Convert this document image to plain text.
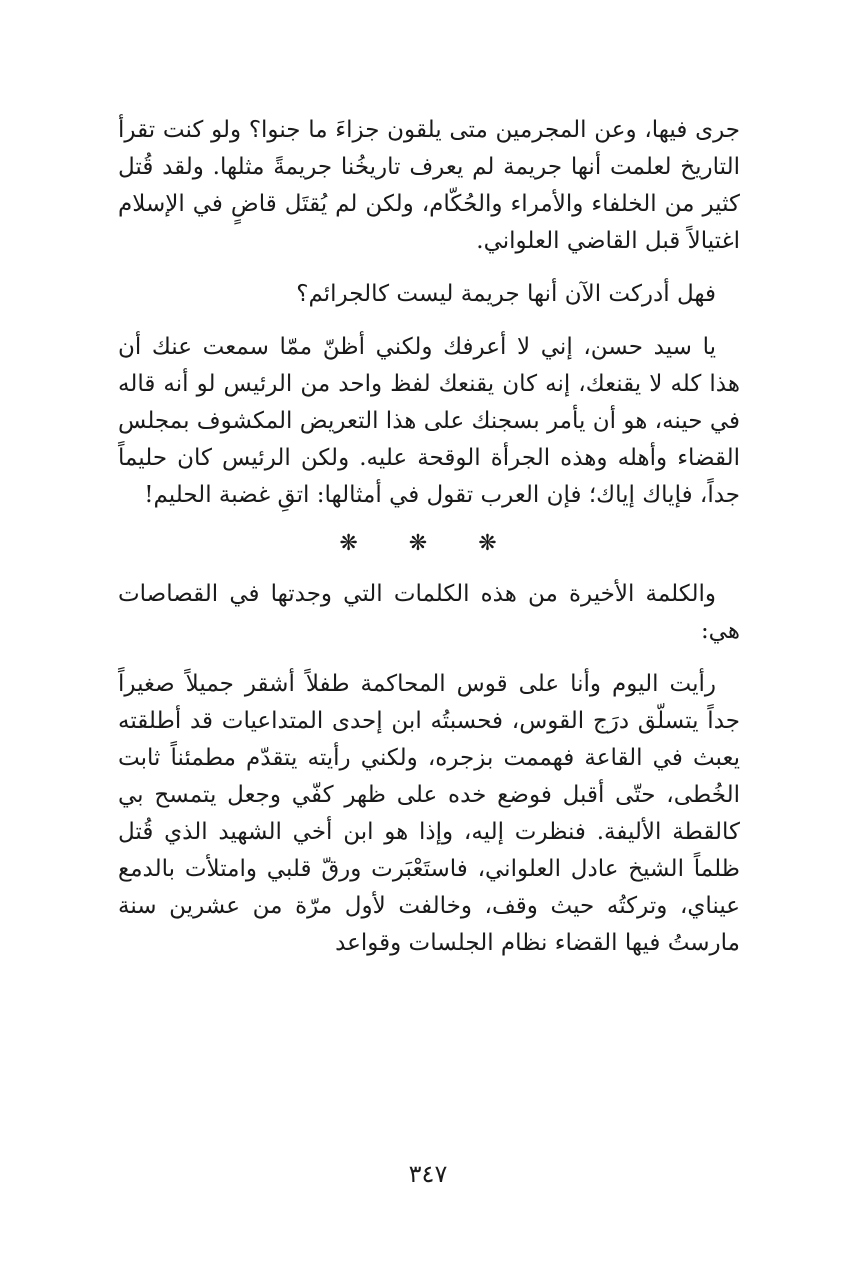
جرى فيها، وعن المجرمين متى يلقون جزاءَ ما جنوا؟ ولو كنت تقرأ التاريخ لعلمت أنها جريمة لم يعرف تاريخُنا جريمةً مثلها. ولقد قُتل كثير من الخلفاء والأمراء والحُكّام، ولكن لم يُقتَل قاضٍ في الإسلام اغتيالاً قبل القاضي العلواني.

فهل أدركت الآن أنها جريمة ليست كالجرائم؟

يا سيد حسن، إني لا أعرفك ولكني أظنّ ممّا سمعت عنك أن هذا كله لا يقنعك، إنه كان يقنعك لفظ واحد من الرئيس لو أنه قاله في حينه، هو أن يأمر بسجنك على هذا التعريض المكشوف بمجلس القضاء وأهله وهذه الجرأة الوقحة عليه. ولكن الرئيس كان حليماً جداً، فإياك إياك؛ فإن العرب تقول في أمثالها: اتقِ غضبة الحليم!

❋ ❋ ❋

والكلمة الأخيرة من هذه الكلمات التي وجدتها في القصاصات هي:

رأيت اليوم وأنا على قوس المحاكمة طفلاً أشقر جميلاً صغيراً جداً يتسلّق درَج القوس، فحسبتُه ابن إحدى المتداعيات قد أطلقته يعبث في القاعة فهممت بزجره، ولكني رأيته يتقدّم مطمئناً ثابت الخُطى، حتّى أقبل فوضع خده على ظهر كفّي وجعل يتمسح بي كالقطة الأليفة. فنظرت إليه، وإذا هو ابن أخي الشهيد الذي قُتل ظلماً الشيخ عادل العلواني، فاستَعْبَرت ورقّ قلبي وامتلأت بالدمع عيناي، وتركتُه حيث وقف، وخالفت لأول مرّة من عشرين سنة مارستُ فيها القضاء نظام الجلسات وقواعد

٣٤٧
